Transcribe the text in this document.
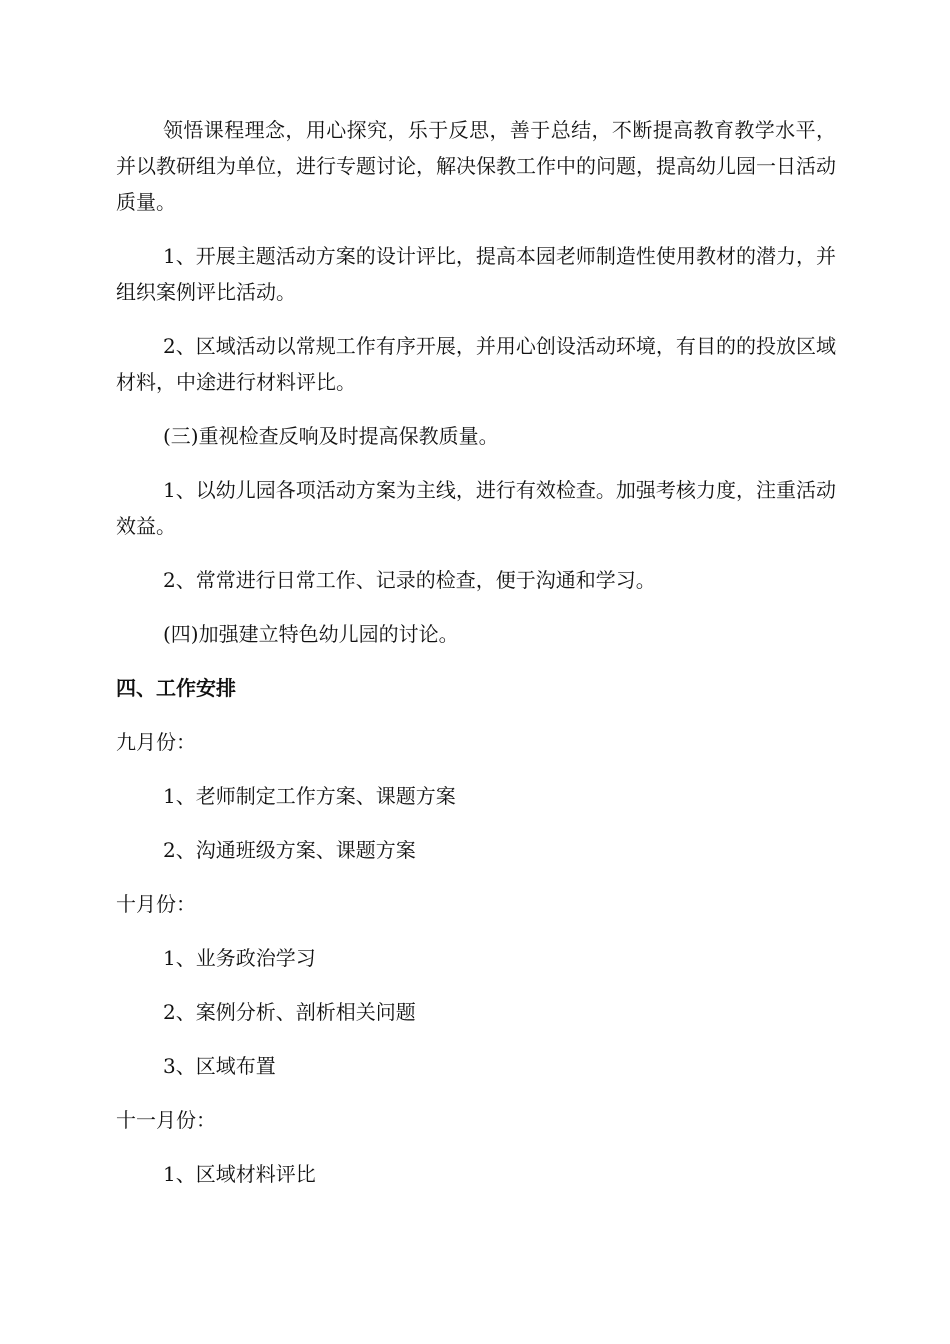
领悟课程理念，用心探究，乐于反思，善于总结，不断提高教育教学水平，并以教研组为单位，进行专题讨论，解决保教工作中的问题，提高幼儿园一日活动质量。

1、开展主题活动方案的设计评比，提高本园老师制造性使用教材的潜力，并组织案例评比活动。

2、区域活动以常规工作有序开展，并用心创设活动环境，有目的的投放区域材料，中途进行材料评比。

(三)重视检查反响及时提高保教质量。

1、以幼儿园各项活动方案为主线，进行有效检查。加强考核力度，注重活动效益。

2、常常进行日常工作、记录的检查，便于沟通和学习。

(四)加强建立特色幼儿园的讨论。

四、工作安排

九月份：

1、老师制定工作方案、课题方案

2、沟通班级方案、课题方案

十月份：

1、业务政治学习

2、案例分析、剖析相关问题

3、区域布置

十一月份：

1、区域材料评比
